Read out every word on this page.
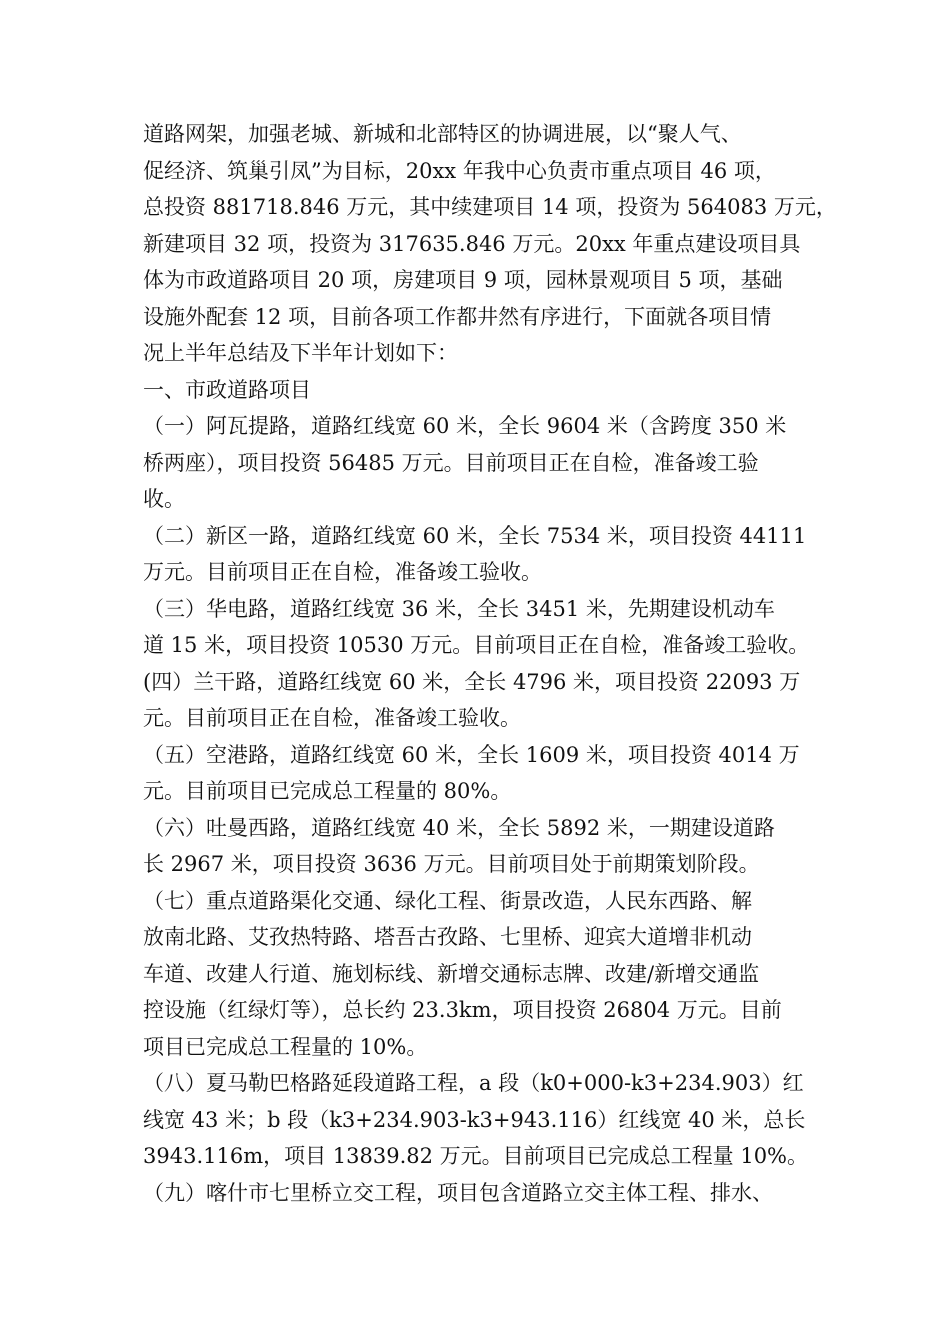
道路网架，加强老城、新城和北部特区的协调进展，以“聚人气、
促经济、筑巢引凤”为目标，20xx 年我中心负责市重点项目 46 项，
总投资 881718.846 万元，其中续建项目 14 项，投资为 564083 万元，
新建项目 32 项，投资为 317635.846 万元。20xx 年重点建设项目具
体为市政道路项目 20 项，房建项目 9 项，园林景观项目 5 项，基础
设施外配套 12 项，目前各项工作都井然有序进行，下面就各项目情
况上半年总结及下半年计划如下：
一、市政道路项目
（一）阿瓦提路，道路红线宽 60 米，全长 9604 米（含跨度 350 米
桥两座），项目投资 56485 万元。目前项目正在自检，准备竣工验
收。
（二）新区一路，道路红线宽 60 米，全长 7534 米，项目投资 44111
万元。目前项目正在自检，准备竣工验收。
（三）华电路，道路红线宽 36 米，全长 3451 米，先期建设机动车
道 15 米，项目投资 10530 万元。目前项目正在自检，准备竣工验收。
(四）兰干路，道路红线宽 60 米，全长 4796 米，项目投资 22093 万
元。目前项目正在自检，准备竣工验收。
（五）空港路，道路红线宽 60 米，全长 1609 米，项目投资 4014 万
元。目前项目已完成总工程量的 80%。
（六）吐曼西路，道路红线宽 40 米，全长 5892 米，一期建设道路
长 2967 米，项目投资 3636 万元。目前项目处于前期策划阶段。
（七）重点道路渠化交通、绿化工程、街景改造，人民东西路、解
放南北路、艾孜热特路、塔吾古孜路、七里桥、迎宾大道增非机动
车道、改建人行道、施划标线、新增交通标志牌、改建/新增交通监
控设施（红绿灯等），总长约 23.3km，项目投资 26804 万元。目前
项目已完成总工程量的 10%。
（八）夏马勒巴格路延段道路工程，a 段（k0+000-k3+234.903）红
线宽 43 米；b 段（k3+234.903-k3+943.116）红线宽 40 米，总长
3943.116m，项目 13839.82 万元。目前项目已完成总工程量 10%。
（九）喀什市七里桥立交工程，项目包含道路立交主体工程、排水、
